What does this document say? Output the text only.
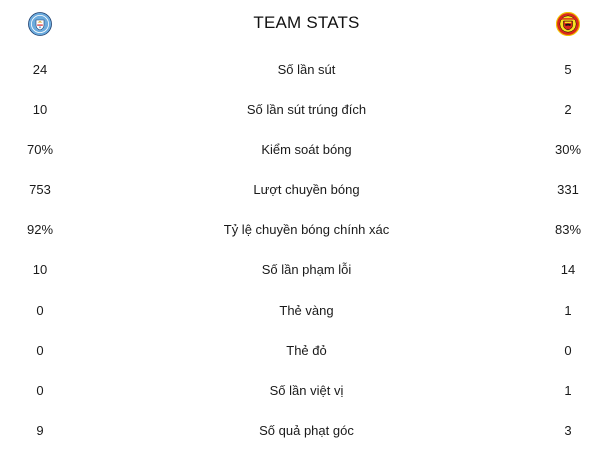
TEAM STATS
24	Số lần sút	5
10	Số lần sút trúng đích	2
70%	Kiểm soát bóng	30%
753	Lượt chuyền bóng	331
92%	Tỷ lệ chuyền bóng chính xác	83%
10	Số lần phạm lỗi	14
0	Thẻ vàng	1
0	Thẻ đỏ	0
0	Số lần việt vị	1
9	Số quả phạt góc	3
